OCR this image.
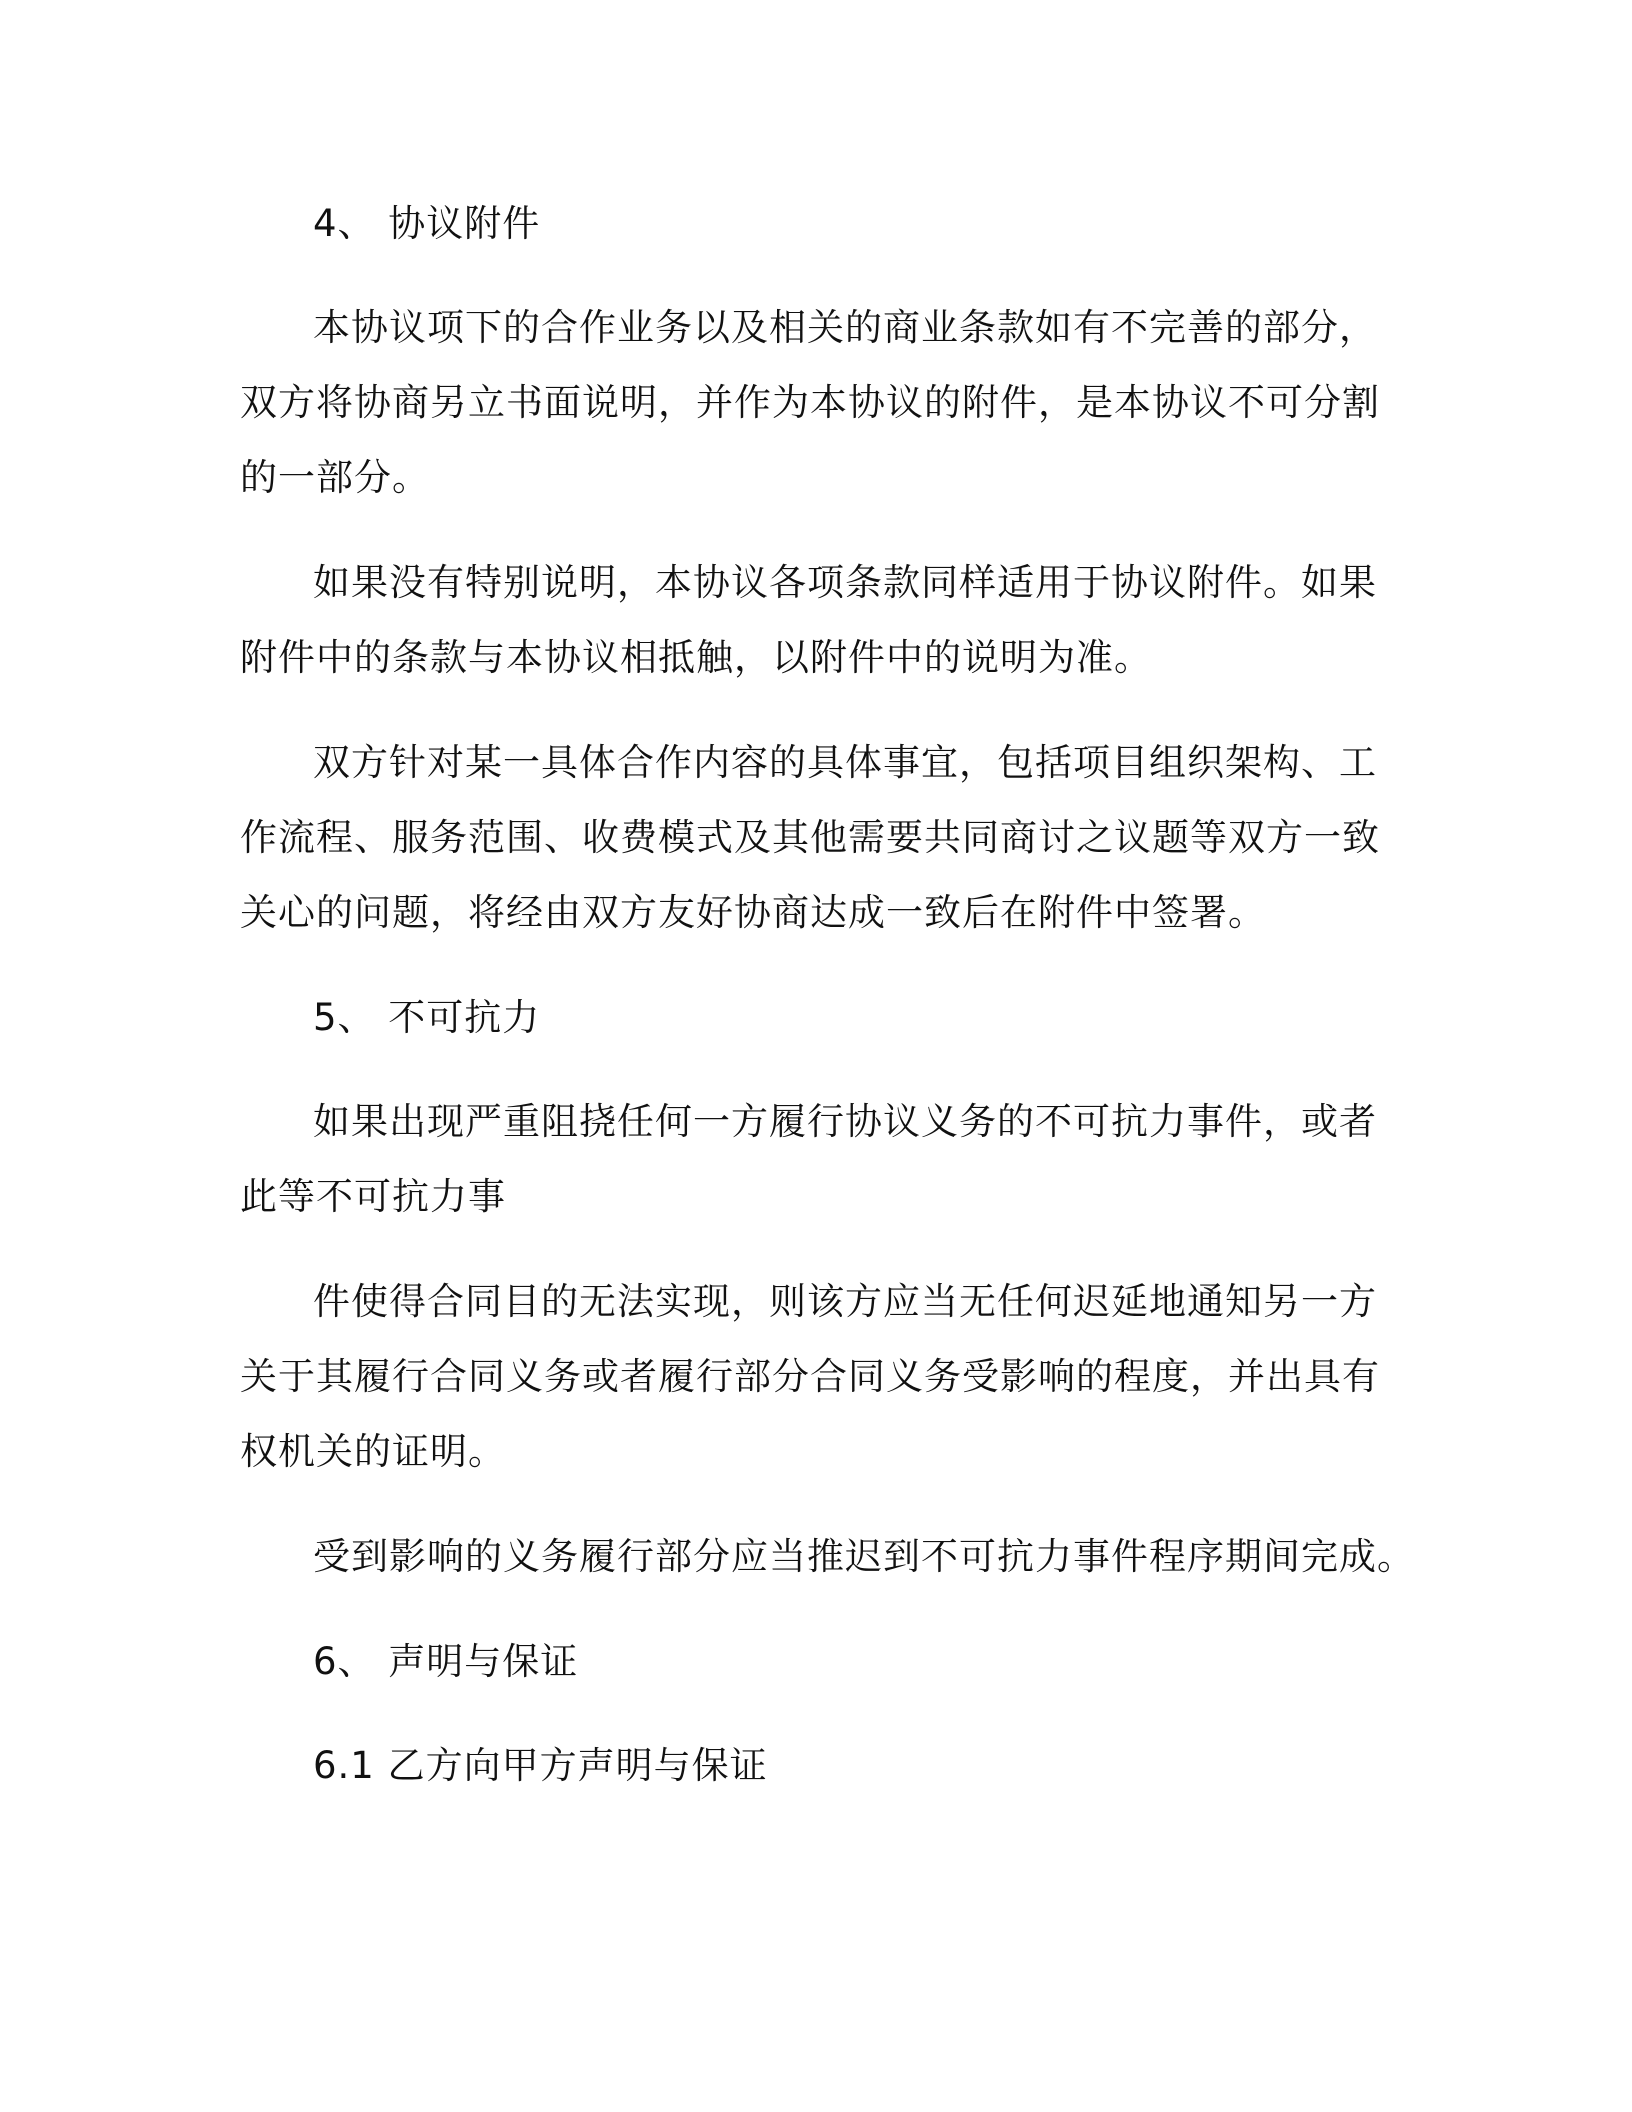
4、 协议附件

本协议项下的合作业务以及相关的商业条款如有不完善的部分，
双方将协商另立书面说明，并作为本协议的附件，是本协议不可分割
的一部分。

如果没有特别说明，本协议各项条款同样适用于协议附件。如果
附件中的条款与本协议相抵触，以附件中的说明为准。

双方针对某一具体合作内容的具体事宜，包括项目组织架构、工
作流程、服务范围、收费模式及其他需要共同商讨之议题等双方一致
关心的问题，将经由双方友好协商达成一致后在附件中签署。

5、 不可抗力

如果出现严重阻挠任何一方履行协议义务的不可抗力事件，或者
此等不可抗力事

件使得合同目的无法实现，则该方应当无任何迟延地通知另一方
关于其履行合同义务或者履行部分合同义务受影响的程度，并出具有
权机关的证明。

受到影响的义务履行部分应当推迟到不可抗力事件程序期间完成。

6、 声明与保证

6.1 乙方向甲方声明与保证
